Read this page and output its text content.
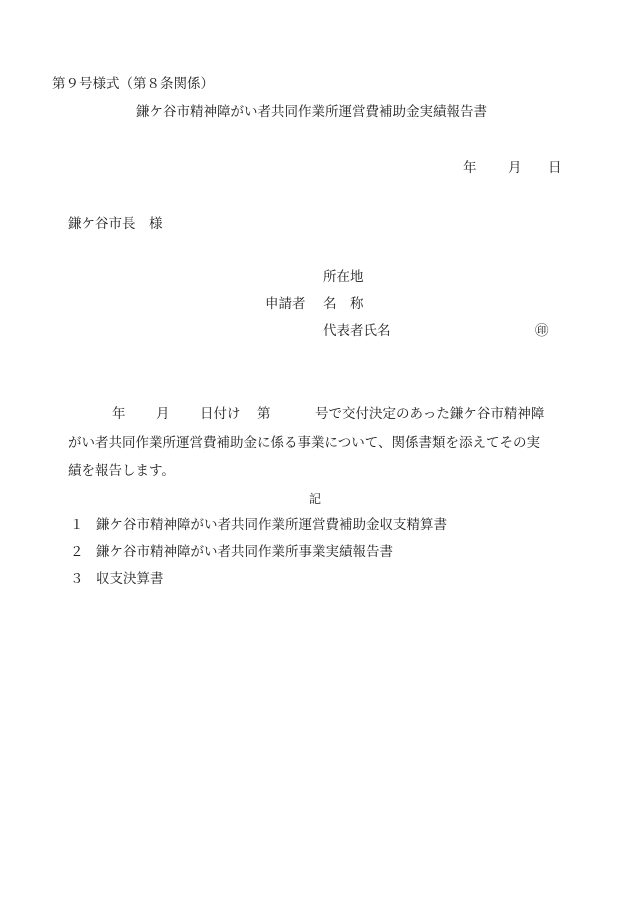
第９号様式（第８条関係）
鎌ケ谷市精神障がい者共同作業所運営費補助金実績報告書
年 月 日
鎌ケ谷市長　様
所在地
申請者 名　称
代表者氏名	㊞
年 月 日付け 第	号で交付決定のあった鎌ケ谷市精神障
がい者共同作業所運営費補助金に係る事業について、関係書類を添えてその実
績を報告します。
記
１ 鎌ケ谷市精神障がい者共同作業所運営費補助金収支精算書
２ 鎌ケ谷市精神障がい者共同作業所事業実績報告書
３ 収支決算書
